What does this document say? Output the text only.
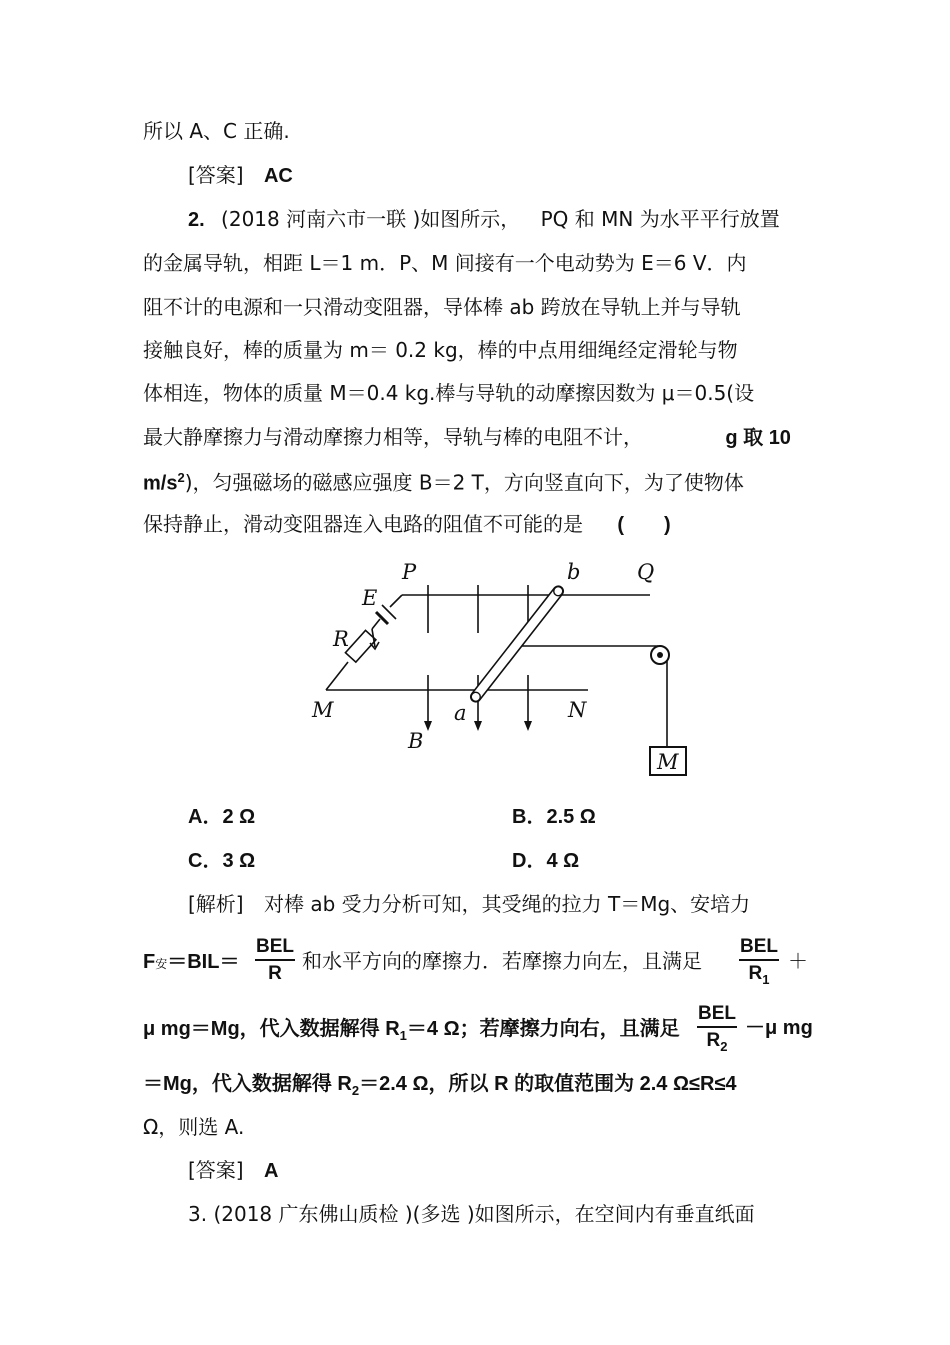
所以 A、C 正确.
[答案] AC
2. (2018 河南六市一联 )如图所示， PQ 和 MN 为水平平行放置
的金属导轨，相距 L＝1 m．P、M 间接有一个电动势为 E＝6 V．内
阻不计的电源和一只滑动变阻器，导体棒 ab 跨放在导轨上并与导轨
接触良好，棒的质量为 m＝ 0.2 kg，棒的中点用细绳经定滑轮与物
体相连，物体的质量 M＝0.4 kg.棒与导轨的动摩擦因数为 μ＝0.5(设
最大静摩擦力与滑动摩擦力相等，导轨与棒的电阻不计，	g 取 10
$m/s^2$)，匀强磁场的磁感应强度 B＝2 T，方向竖直向下，为了使物体
保持静止，滑动变阻器连入电路的阻值不可能的是 (　　)
P	b	Q
E
R
M	a	N
B
M
A．2 Ω	B．2.5 Ω
C．3 Ω	D．4 Ω
[解析] 对棒 ab 受力分析可知，其受绳的拉力 T＝Mg、安培力
F安＝BIL＝
BEL
R
和水平方向的摩擦力．若摩擦力向左，且满足
BEL
$R_1$
＋
μ mg＝Mg，代入数据解得 $R_1=4$ Ω；若摩擦力向右，且满足
BEL
$R_2$
－μ mg
＝Mg，代入数据解得 $R_2=2.4$ Ω，所以 R 的取值范围为 2.4 Ω≤R≤4
Ω，则选 A.
[答案] A
3. (2018 广东佛山质检 )(多选 )如图所示，在空间内有垂直纸面
